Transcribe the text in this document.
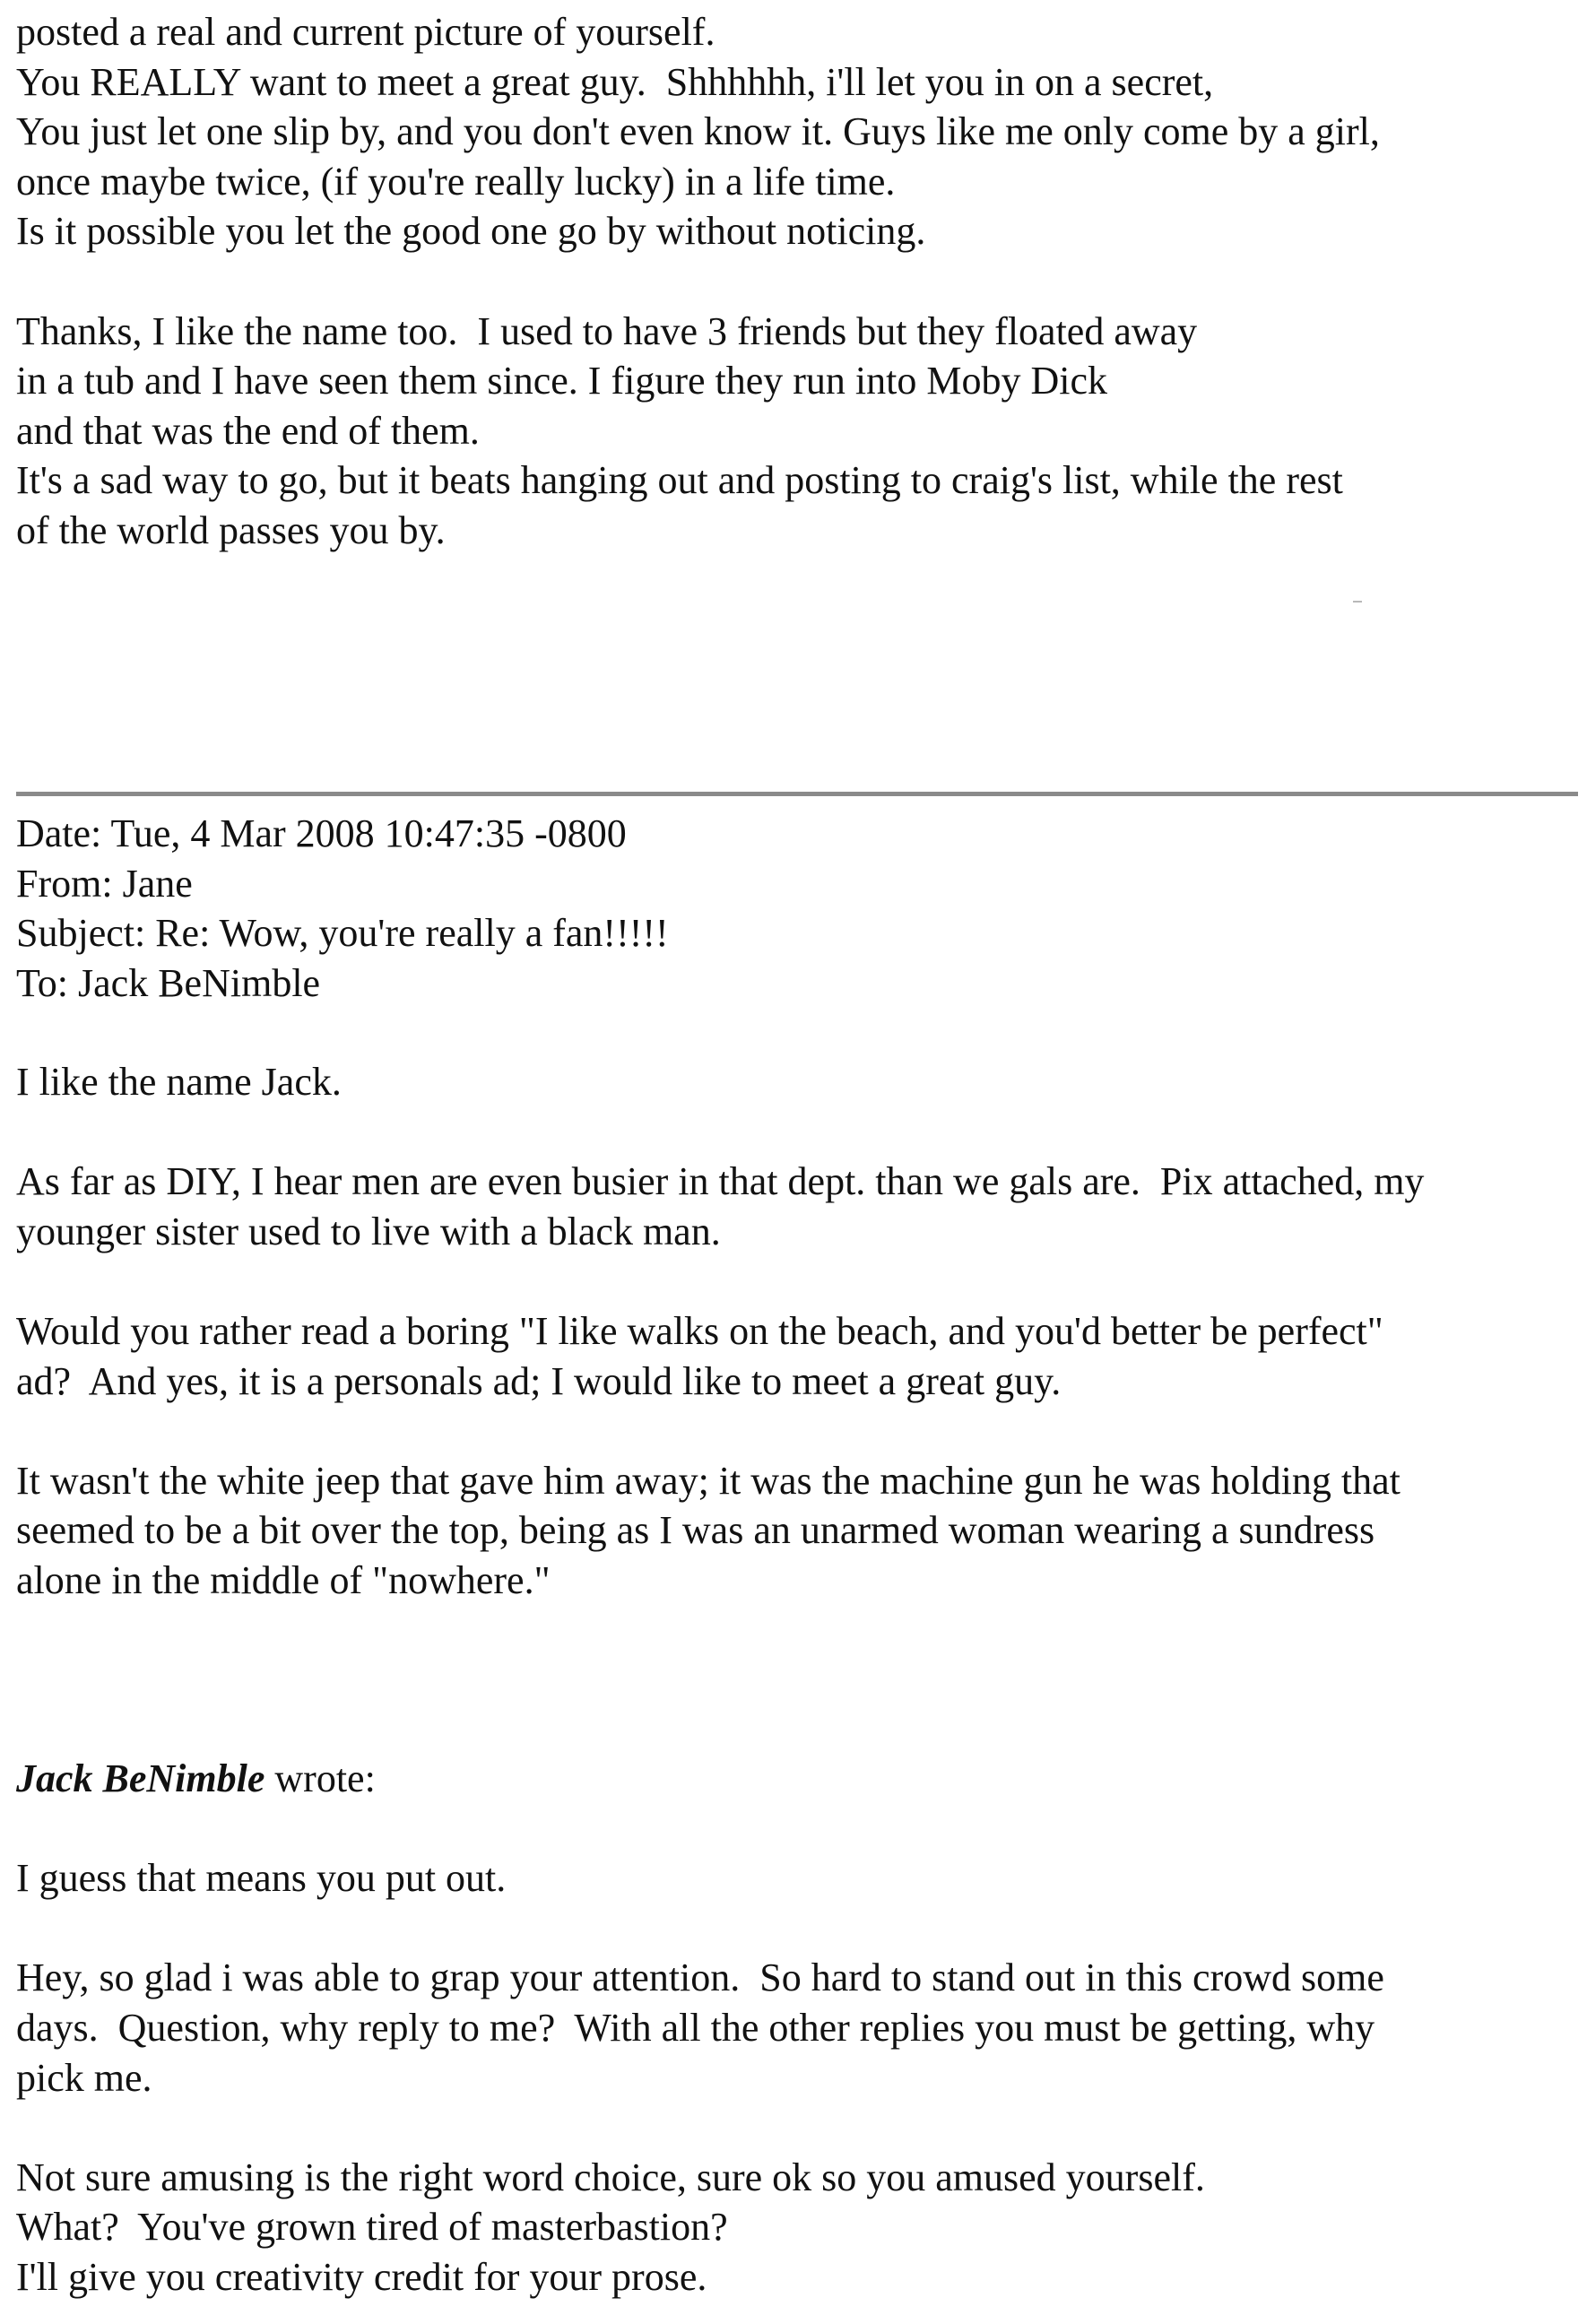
posted a real and current picture of yourself.
You REALLY want to meet a great guy.  Shhhhhh, i'll let you in on a secret,
You just let one slip by, and you don't even know it. Guys like me only come by a girl,
once maybe twice, (if you're really lucky) in a life time.
Is it possible you let the good one go by without noticing.
Thanks, I like the name too.  I used to have 3 friends but they floated away
in a tub and I have seen them since. I figure they run into Moby Dick
and that was the end of them.
It's a sad way to go, but it beats hanging out and posting to craig's list, while the rest
of the world passes you by.
Date: Tue, 4 Mar 2008 10:47:35 -0800
From: Jane
Subject: Re: Wow, you're really a fan!!!!!
To: Jack BeNimble
I like the name Jack.
As far as DIY, I hear men are even busier in that dept. than we gals are.  Pix attached, my
younger sister used to live with a black man.
Would you rather read a boring "I like walks on the beach, and you'd better be perfect"
ad?  And yes, it is a personals ad; I would like to meet a great guy.
It wasn't the white jeep that gave him away; it was the machine gun he was holding that
seemed to be a bit over the top, being as I was an unarmed woman wearing a sundress
alone in the middle of "nowhere."
Jack BeNimble wrote:
I guess that means you put out.
Hey, so glad i was able to grap your attention.  So hard to stand out in this crowd some
days.  Question, why reply to me?  With all the other replies you must be getting, why
pick me.
Not sure amusing is the right word choice, sure ok so you amused yourself.
What?  You've grown tired of masterbastion?
I'll give you creativity credit for your prose.
